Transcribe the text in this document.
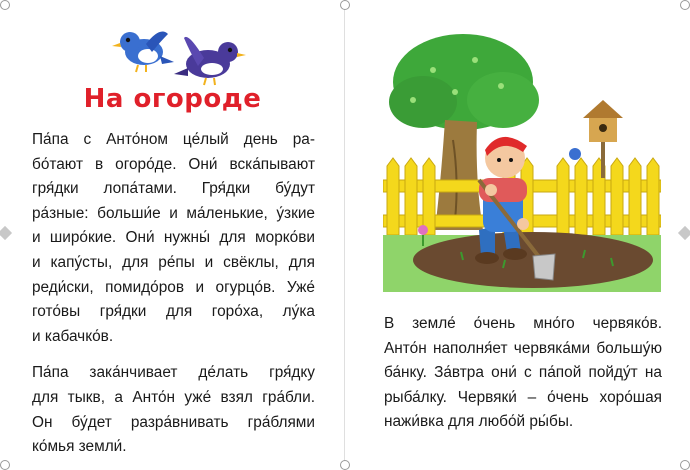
На огороде

Па́па с Анто́ном це́лый день ра-
бо́тают в огоро́де. Они́ вска́пывают
гря́дки лопа́тами. Гря́дки бу́дут
ра́зные: больши́е и ма́ленькие, у́зкие
и широ́кие. Они́ нужны́ для морко́ви
и капу́сты, для ре́пы и свёклы, для
реди́ски, помидо́ров и огурцо́в. Уже́
гото́вы гря́дки для горо́ха, лу́ка
и кабачко́в.

Па́па зака́нчивает де́лать гря́дку
для тыкв, а Анто́н уже́ взял гра́бли.
Он бу́дет разра́внивать гра́блями
ко́мья земли́.

В земле́ о́чень мно́го червяко́в.
Анто́н наполня́ет червяка́ми большу́ю
ба́нку. За́втра они́ с па́пой пойду́т на
рыба́лку. Червяки́ – о́чень хоро́шая
нажи́вка для любо́й ры́бы.
